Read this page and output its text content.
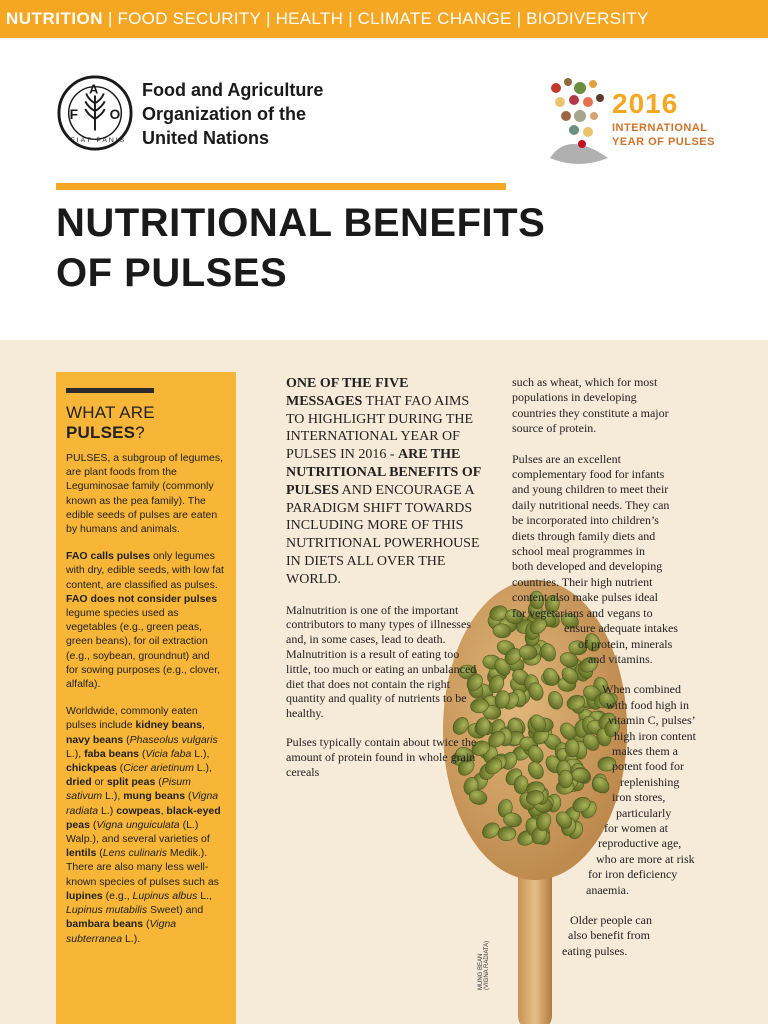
NUTRITION | FOOD SECURITY | HEALTH | CLIMATE CHANGE | BIODIVERSITY
F
A
O
FIAT PANIS
Food and Agriculture
Organization of the
United Nations
2016
INTERNATIONAL
YEAR OF PULSES
NUTRITIONAL BENEFITS
OF PULSES
MUNG BEAN (VIGNA RADIATA)
WHAT ARE PULSES?

PULSES, a subgroup of legumes, are plant foods from the Leguminosae family (commonly known as the pea family). The edible seeds of pulses are eaten by humans and animals.

FAO calls pulses only legumes with dry, edible seeds, with low fat content, are classified as pulses. FAO does not consider pulses legume species used as vegetables (e.g., green peas, green beans), for oil extraction (e.g., soybean, groundnut) and for sowing purposes (e.g., clover, alfalfa).

Worldwide, commonly eaten pulses include kidney beans, navy beans (Phaseolus vulgaris L.), faba beans (Vicia faba L.), chickpeas (Cicer arietinum L.), dried or split peas (Pisum sativum L.), mung beans (Vigna radiata L.) cowpeas, black-eyed peas (Vigna unguiculata (L.) Walp.), and several varieties of lentils (Lens culinaris Medik.). There are also many less well-known species of pulses such as lupines (e.g., Lupinus albus L., Lupinus mutabilis Sweet) and bambara beans (Vigna subterranea L.).

ONE OF THE FIVE MESSAGES THAT FAO AIMS TO HIGHLIGHT DURING THE INTERNATIONAL YEAR OF PULSES IN 2016 - ARE THE NUTRITIONAL BENEFITS OF PULSES AND ENCOURAGE A PARADIGM SHIFT TOWARDS INCLUDING MORE OF THIS NUTRITIONAL POWERHOUSE IN DIETS ALL OVER THE WORLD.

Malnutrition is one of the important contributors to many types of illnesses and, in some cases, lead to death. Malnutrition is a result of eating too little, too much or eating an unbalanced diet that does not contain the right quantity and quality of nutrients to be healthy.

Pulses typically contain about twice the amount of protein found in whole grain cereals

such as wheat, which for most
populations in developing
countries they constitute a major
source of protein.
Pulses are an excellent
complementary food for infants
and young children to meet their
daily nutritional needs. They can
be incorporated into children’s
diets through family diets and
school meal programmes in
both developed and developing
countries. Their high nutrient
content also make pulses ideal
for vegetarians and vegans to
ensure adequate intakes
of protein, minerals
and vitamins.
When combined
with food high in
vitamin C, pulses’
high iron content
makes them a
potent food for
replenishing
iron stores,
particularly
for women at
reproductive age,
who are more at risk
for iron deficiency
anaemia.
Older people can
also benefit from
eating pulses.
